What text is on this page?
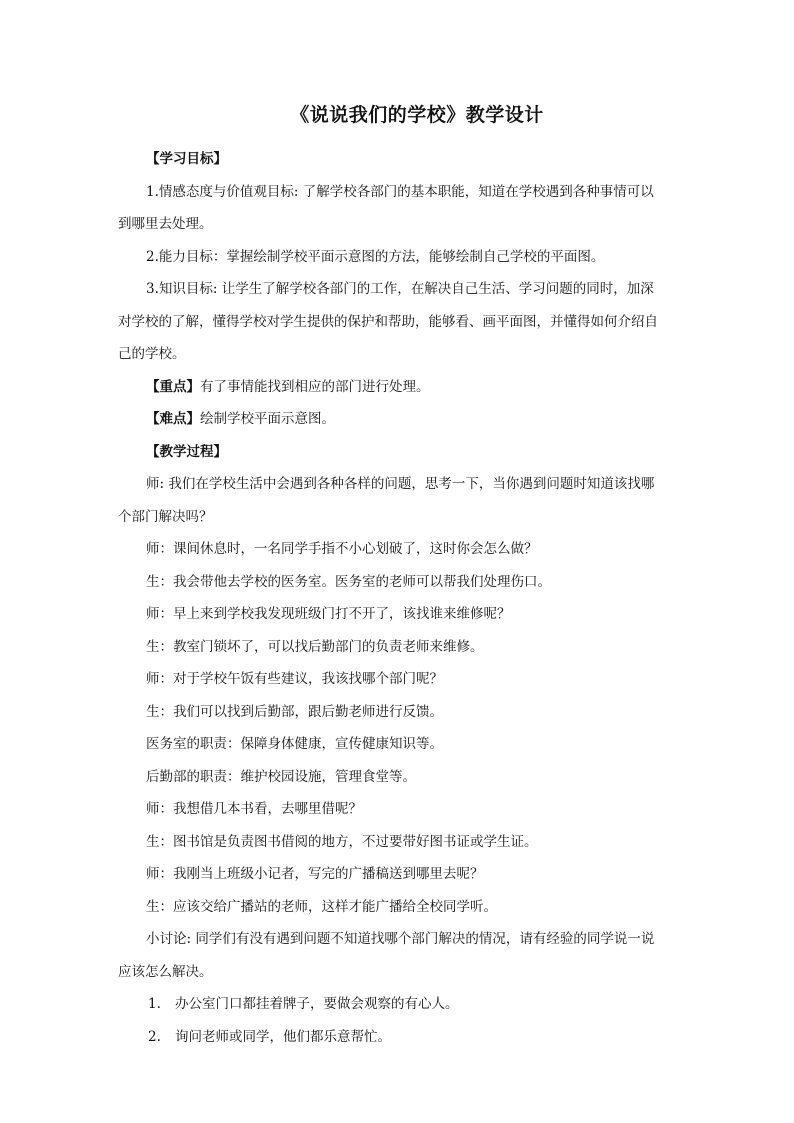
《说说我们的学校》教学设计

【学习目标】

1.情感态度与价值观目标: 了解学校各部门的基本职能，知道在学校遇到各种事情可以

到哪里去处理。

2.能力目标：掌握绘制学校平面示意图的方法，能够绘制自己学校的平面图。

3.知识目标: 让学生了解学校各部门的工作，在解决自己生活、学习问题的同时，加深

对学校的了解，懂得学校对学生提供的保护和帮助，能够看、画平面图，并懂得如何介绍自

己的学校。

【重点】有了事情能找到相应的部门进行处理。

【难点】绘制学校平面示意图。

【教学过程】

师: 我们在学校生活中会遇到各种各样的问题，思考一下，当你遇到问题时知道该找哪

个部门解决吗？

师：课间休息时，一名同学手指不小心划破了，这时你会怎么做？

生：我会带他去学校的医务室。医务室的老师可以帮我们处理伤口。

师：早上来到学校我发现班级门打不开了，该找谁来维修呢？

生：教室门锁坏了，可以找后勤部门的负责老师来维修。

师：对于学校午饭有些建议，我该找哪个部门呢？

生：我们可以找到后勤部，跟后勤老师进行反馈。

医务室的职责：保障身体健康，宣传健康知识等。

后勤部的职责：维护校园设施，管理食堂等。

师：我想借几本书看，去哪里借呢？

生：图书馆是负责图书借阅的地方，不过要带好图书证或学生证。

师：我刚当上班级小记者，写完的广播稿送到哪里去呢？

生：应该交给广播站的老师，这样才能广播给全校同学听。

小讨论: 同学们有没有遇到问题不知道找哪个部门解决的情况，请有经验的同学说一说

应该怎么解决。

1. 办公室门口都挂着牌子，要做会观察的有心人。

2. 询问老师或同学，他们都乐意帮忙。
